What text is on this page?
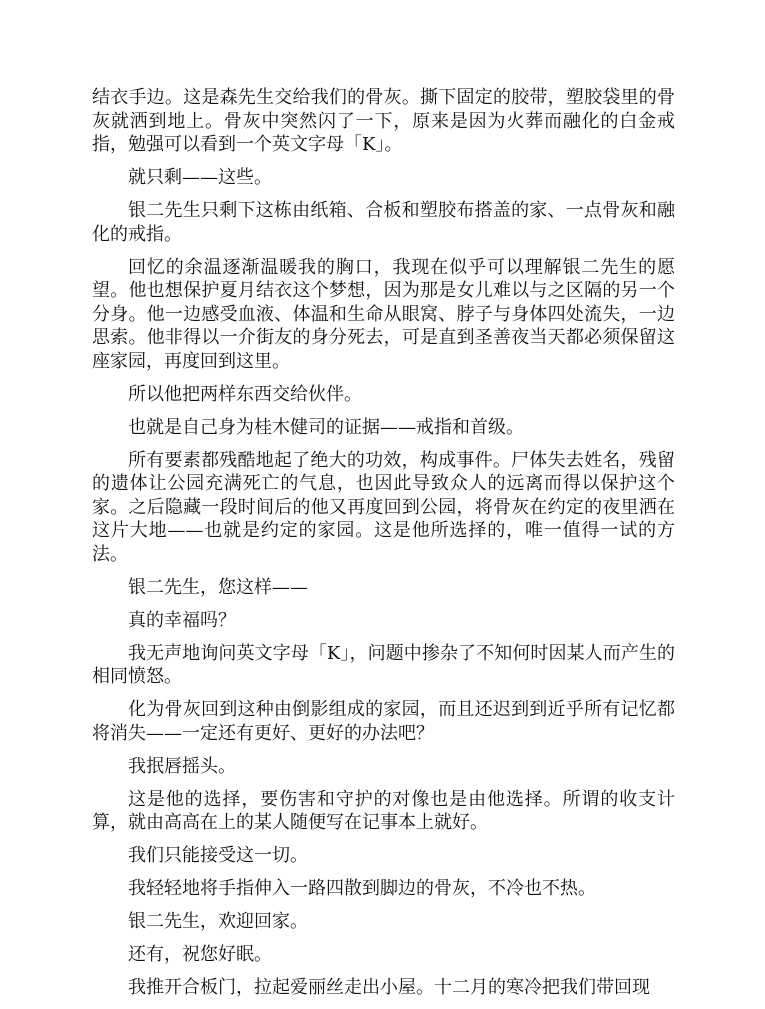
结衣手边。这是森先生交给我们的骨灰。撕下固定的胶带，塑胶袋里的骨灰就洒到地上。骨灰中突然闪了一下，原来是因为火葬而融化的白金戒指，勉强可以看到一个英文字母「K」。

就只剩——这些。

银二先生只剩下这栋由纸箱、合板和塑胶布搭盖的家、一点骨灰和融化的戒指。

回忆的余温逐渐温暖我的胸口，我现在似乎可以理解银二先生的愿望。他也想保护夏月结衣这个梦想，因为那是女儿难以与之区隔的另一个分身。他一边感受血液、体温和生命从眼窝、脖子与身体四处流失，一边思索。他非得以一介街友的身分死去，可是直到圣善夜当天都必须保留这座家园，再度回到这里。

所以他把两样东西交给伙伴。

也就是自己身为桂木健司的证据——戒指和首级。

所有要素都残酷地起了绝大的功效，构成事件。尸体失去姓名，残留的遗体让公园充满死亡的气息，也因此导致众人的远离而得以保护这个家。之后隐藏一段时间后的他又再度回到公园，将骨灰在约定的夜里洒在这片大地——也就是约定的家园。这是他所选择的，唯一值得一试的方法。

银二先生，您这样——

真的幸福吗？

我无声地询问英文字母「K」，问题中掺杂了不知何时因某人而产生的相同愤怒。

化为骨灰回到这种由倒影组成的家园，而且还迟到到近乎所有记忆都将消失——一定还有更好、更好的办法吧？

我抿唇摇头。

这是他的选择，要伤害和守护的对像也是由他选择。所谓的收支计算，就由高高在上的某人随便写在记事本上就好。

我们只能接受这一切。

我轻轻地将手指伸入一路四散到脚边的骨灰，不冷也不热。

银二先生，欢迎回家。

还有，祝您好眠。

我推开合板门，拉起爱丽丝走出小屋。十二月的寒冷把我们带回现
